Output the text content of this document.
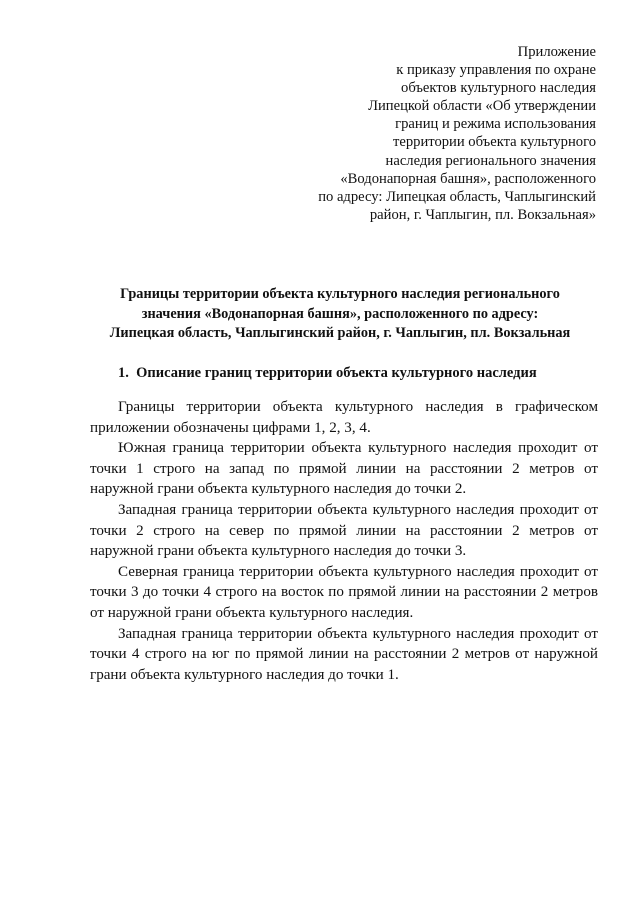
Приложение
к приказу управления по охране
объектов культурного наследия
Липецкой области «Об утверждении
границ и режима использования
территории объекта культурного
наследия регионального значения
«Водонапорная башня», расположенного
по адресу: Липецкая область, Чаплыгинский
район, г. Чаплыгин, пл. Вокзальная»
Границы территории объекта культурного наследия регионального
значения «Водонапорная башня», расположенного по адресу:
Липецкая область, Чаплыгинский район, г. Чаплыгин, пл. Вокзальная
1. Описание границ территории объекта культурного наследия
Границы территории объекта культурного наследия в графическом
приложении обозначены цифрами 1, 2, 3, 4.
Южная граница территории объекта культурного наследия проходит от
точки 1 строго на запад по прямой линии на расстоянии 2 метров от
наружной грани объекта культурного наследия до точки 2.
Западная граница территории объекта культурного наследия проходит от
точки 2 строго на север по прямой линии на расстоянии 2 метров от
наружной грани объекта культурного наследия до точки 3.
Северная граница территории объекта культурного наследия проходит от
точки 3 до точки 4 строго на восток по прямой линии на расстоянии 2 метров
от наружной грани объекта культурного наследия.
Западная граница территории объекта культурного наследия проходит от
точки 4 строго на юг по прямой линии на расстоянии 2 метров от наружной
грани объекта культурного наследия до точки 1.
